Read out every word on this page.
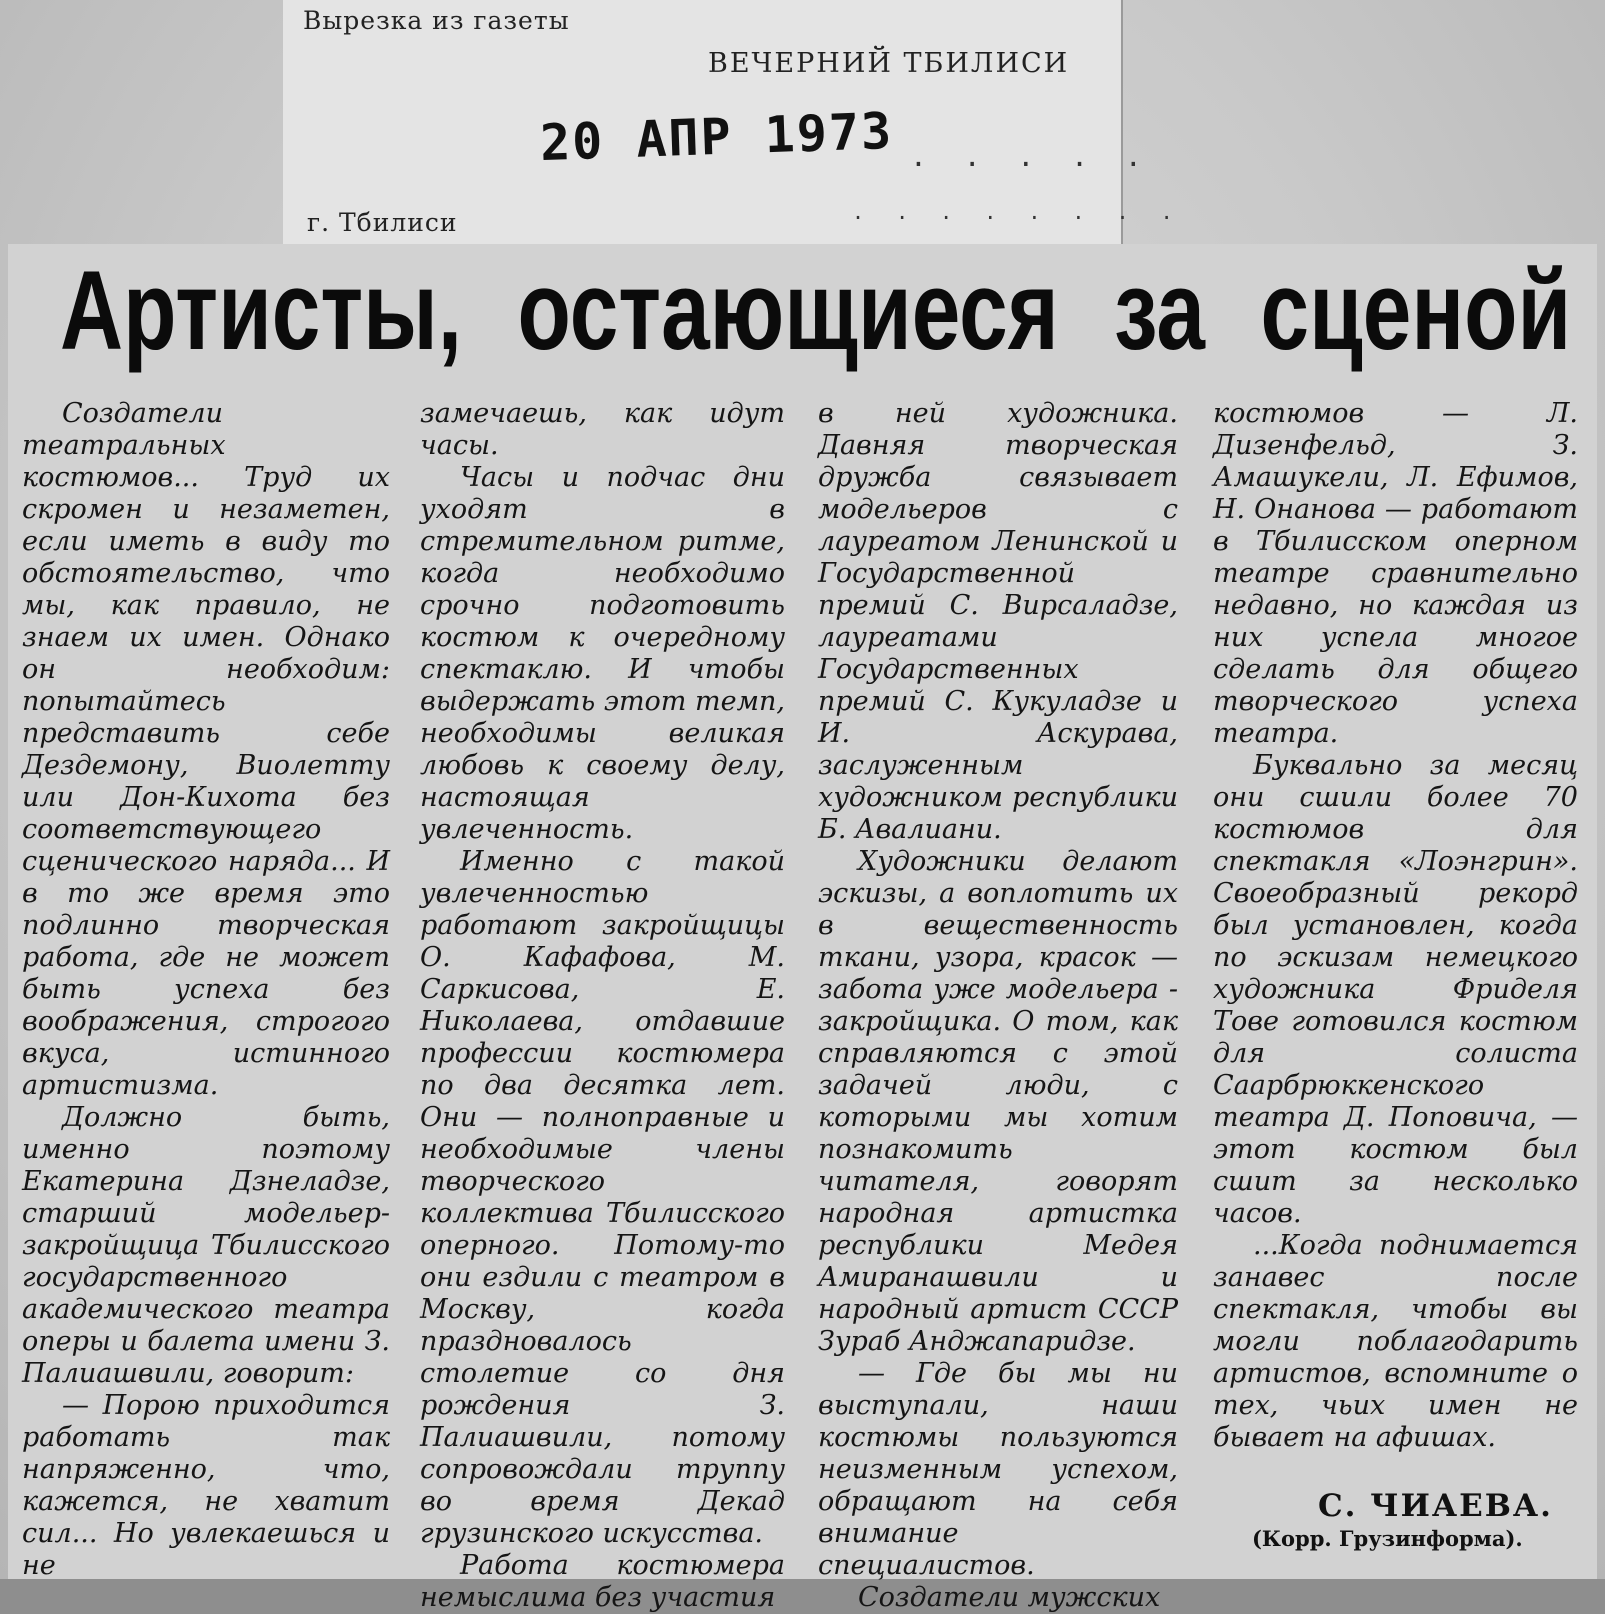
Вырезка из газеты
ВЕЧЕРНИЙ ТБИЛИСИ
20 АПР 1973 . . . . .
г. Тбилиси	. . . . . . . .
Артисты, остающиеся за сценой

Создатели театральных костюмов... Труд их скромен и незаметен, если иметь в виду то обстоятельство, что мы, как правило, не знаем их имен. Однако он необходим: попытайтесь представить себе Дездемону, Виолетту или Дон-Кихота без соответствующего сценического наряда... И в то же время это подлинно творческая работа, где не может быть успеха без воображения, строгого вкуса, истинного артистизма.

Должно быть, именно поэтому Екатерина Дзнеладзе, старший модельер-закройщица Тбилисского государственного академического театра оперы и балета имени З. Палиашвили, говорит:

— Порою приходится работать так напряженно, что, кажется, не хватит сил... Но увлекаешься и не

замечаешь, как идут часы.

Часы и подчас дни уходят в стремительном ритме, когда необходимо срочно подготовить костюм к очередному спектаклю. И чтобы выдержать этот темп, необходимы великая любовь к своему делу, настоящая увлеченность.

Именно с такой увлеченностью работают закройщицы О. Кафафова, М. Саркисова, Е. Николаева, отдавшие профессии костюмера по два десятка лет. Они — полноправные и необходимые члены творческого коллектива Тбилисского оперного. Потому-то они ездили с театром в Москву, когда праздновалось столетие со дня рождения З. Палиашвили, потому сопровождали труппу во время Декад грузинского искусства.

Работа костюмера немыслима без участия

в ней художника. Давняя творческая дружба связывает модельеров с лауреатом Ленинской и Государственной премий С. Вирсаладзе, лауреатами Государственных премий С. Кукуладзе и И. Аскурава, заслуженным художником республики Б. Авалиани.

Художники делают эскизы, а воплотить их в вещественность ткани, узора, красок — забота уже модельера - закройщика. О том, как справляются с этой задачей люди, с которыми мы хотим познакомить читателя, говорят народная артистка республики Медея Амиранашвили и народный артист СССР Зураб Анджапаридзе.

— Где бы мы ни выступали, наши костюмы пользуются неизменным успехом, обращают на себя внимание специалистов.

Создатели мужских

костюмов — Л. Дизенфельд, З. Амашукели, Л. Ефимов, Н. Онанова — работают в Тбилисском оперном театре сравнительно недавно, но каждая из них успела многое сделать для общего творческого успеха театра.

Буквально за месяц они сшили более 70 костюмов для спектакля «Лоэнгрин». Своеобразный рекорд был установлен, когда по эскизам немецкого художника Фриделя Тове готовился костюм для солиста Саарбрюккенского театра Д. Поповича, — этот костюм был сшит за несколько часов.

...Когда поднимается занавес после спектакля, чтобы вы могли поблагодарить артистов, вспомните о тех, чьих имен не бывает на афишах.

С. ЧИАЕВА.
(Корр. Грузинформа).
